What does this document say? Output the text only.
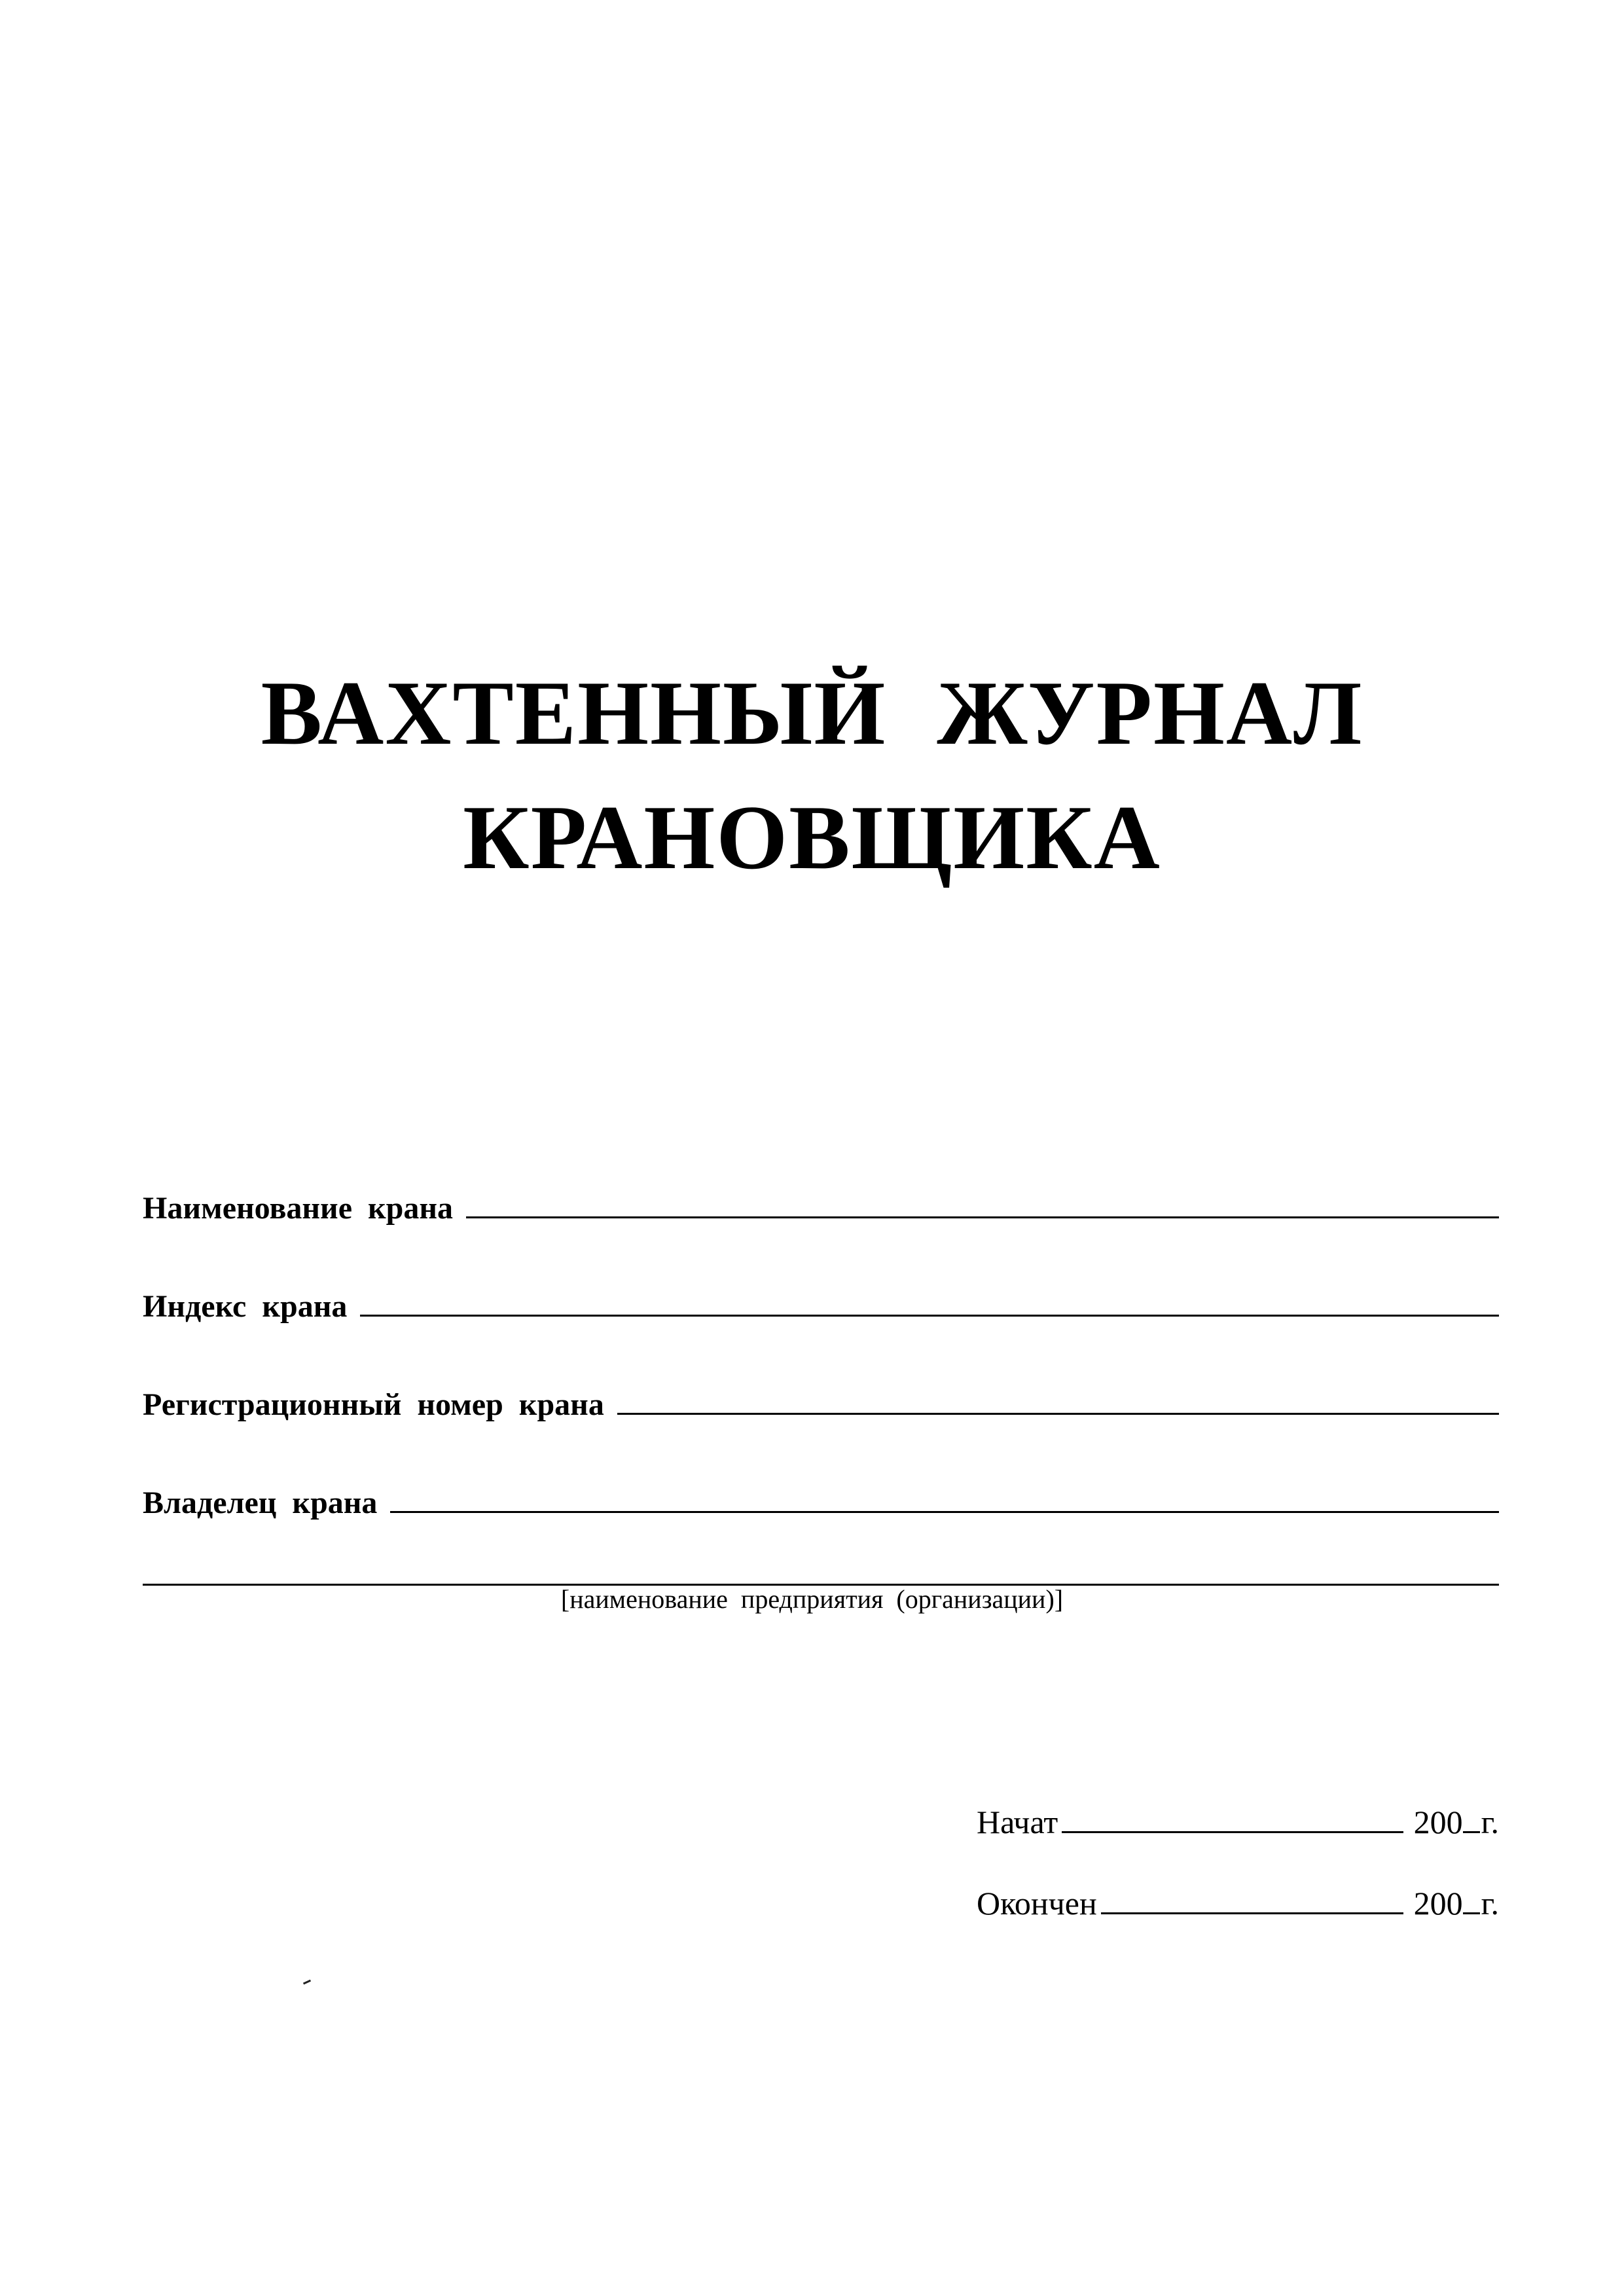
ВАХТЕННЫЙ ЖУРНАЛ
КРАНОВЩИКА
Наименование крана
Индекс крана
Регистрационный номер крана
Владелец крана
[наименование предприятия (организации)]
Начат	200 г.
Окончен	200 г.
